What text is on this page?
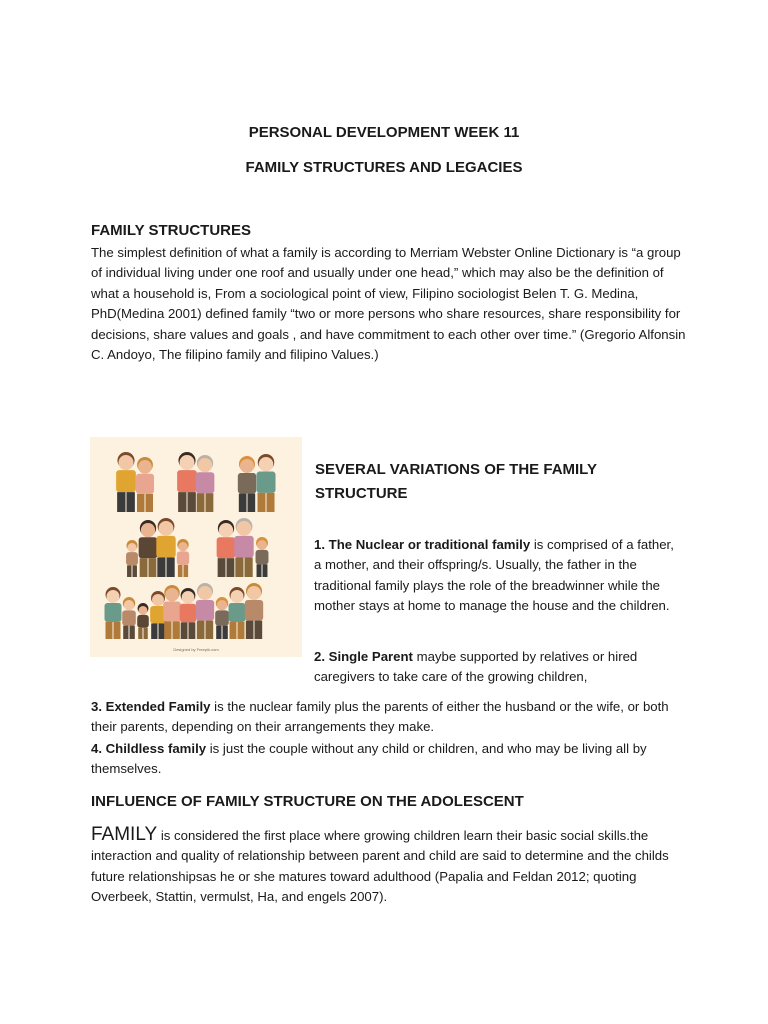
PERSONAL DEVELOPMENT WEEK 11
FAMILY STRUCTURES AND LEGACIES
FAMILY STRUCTURES
The simplest definition of what a family is according to Merriam Webster Online Dictionary is “a group of individual living under one roof and usually under one head,” which may also be the definition of what a household is, From a sociological point of view, Filipino sociologist Belen T. G. Medina, PhD(Medina 2001) defined family “two or more persons who share resources, share responsibility for decisions, share values and goals , and have commitment to each other over time.” (Gregorio Alfonsin C. Andoyo, The filipino family and filipino Values.)
Designed by Freepik.com
SEVERAL VARIATIONS OF THE FAMILY STRUCTURE
1. The Nuclear or traditional family is comprised of a father, a mother, and their offspring/s. Usually, the father in the traditional family plays the role of the breadwinner while the mother stays at home to manage the house and the children.
2. Single Parent maybe supported by relatives or hired caregivers to take care of the growing children,
3. Extended Family is the nuclear family plus the parents of either the husband or the wife, or both their parents, depending on their arrangements they make.
4. Childless family is just the couple without any child or children, and who may be living all by themselves.
INFLUENCE OF FAMILY STRUCTURE ON THE ADOLESCENT
FAMILY is considered the first place where growing children learn their basic social skills.the interaction and quality of relationship between parent and child are said to determine and the childs future relationshipsas he or she matures toward adulthood (Papalia and Feldan 2012; quoting Overbeek, Stattin, vermulst, Ha, and engels 2007).
